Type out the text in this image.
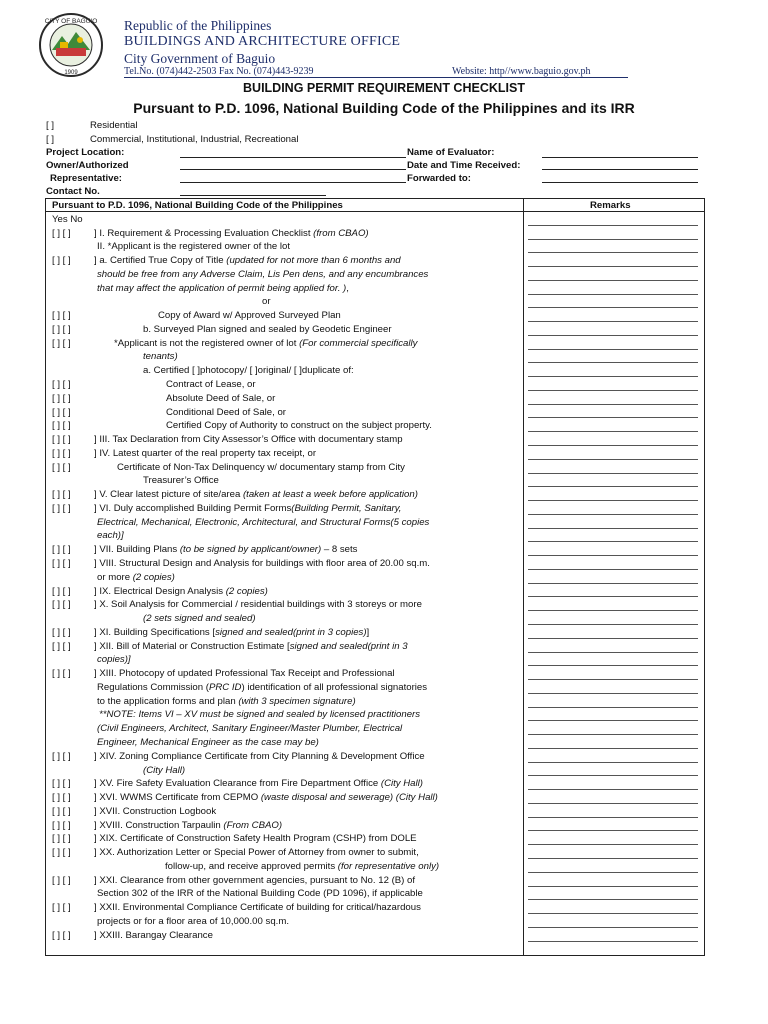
CITY OF BAGUIO
1909
Republic of the Philippines
BUILDINGS AND ARCHITECTURE OFFICE
City Government of Baguio
Tel.No. (074)442-2503 Fax No. (074)443-9239	Website: http//www.baguio.gov.ph
BUILDING PERMIT REQUIREMENT CHECKLIST
Pursuant to P.D. 1096, National Building Code of the Philippines and its IRR
[ ]	Residential
[ ]	Commercial, Institutional, Industrial, Recreational
Project Location:
Owner/Authorized
Representative:
Contact No.
Name of Evaluator:
Date and Time Received:
Forwarded to:
Pursuant to P.D. 1096, National Building Code of the Philippines	Remarks
Yes No
[ ] [ ] ] I. Requirement & Processing Evaluation Checklist (from CBAO)
II. *Applicant is the registered owner of the lot
[ ] [ ] ] a. Certified True Copy of Title (updated for not more than 6 months and
should be free from any Adverse Claim, Lis Pen dens, and any encumbrances
that may affect the application of permit being applied for. ),
or
[ ] [ ]	Copy of Award w/ Approved Surveyed Plan
[ ] [ ]	b. Surveyed Plan signed and sealed by Geodetic Engineer
[ ] [ ]	*Applicant is not the registered owner of lot (For commercial specifically
tenants)
a. Certified [ ]photocopy/ [ ]original/ [ ]duplicate of:
[ ] [ ]	Contract of Lease, or
[ ] [ ]	Absolute Deed of Sale, or
[ ] [ ]	Conditional Deed of Sale, or
[ ] [ ]	Certified Copy of Authority to construct on the subject property.
[ ] [ ] ] III. Tax Declaration from City Assessor’s Office with documentary stamp
[ ] [ ] ] IV. Latest quarter of the real property tax receipt, or
[ ] [ ]	Certificate of Non-Tax Delinquency w/ documentary stamp from City
Treasurer’s Office
[ ] [ ] ] V. Clear latest picture of site/area (taken at least a week before application)
[ ] [ ] ] VI. Duly accomplished Building Permit Forms(Building Permit, Sanitary,
Electrical, Mechanical, Electronic, Architectural, and Structural Forms(5 copies
each)]
[ ] [ ] ] VII. Building Plans (to be signed by applicant/owner) – 8 sets
[ ] [ ] ] VIII. Structural Design and Analysis for buildings with floor area of 20.00 sq.m.
or more (2 copies)
[ ] [ ] ] IX. Electrical Design Analysis (2 copies)
[ ] [ ] ] X. Soil Analysis for Commercial / residential buildings with 3 storeys or more
(2 sets signed and sealed)
[ ] [ ] ] XI. Building Specifications [signed and sealed(print in 3 copies)]
[ ] [ ] ] XII. Bill of Material or Construction Estimate [signed and sealed(print in 3
copies)]
[ ] [ ] ] XIII. Photocopy of updated Professional Tax Receipt and Professional
Regulations Commission (PRC ID) identification of all professional signatories
to the application forms and plan (with 3 specimen signature)
**NOTE: Items VI – XV must be signed and sealed by licensed practitioners
(Civil Engineers, Architect, Sanitary Engineer/Master Plumber, Electrical
Engineer, Mechanical Engineer as the case may be)
[ ] [ ] ] XIV. Zoning Compliance Certificate from City Planning & Development Office
(City Hall)
[ ] [ ] ] XV. Fire Safety Evaluation Clearance from Fire Department Office (City Hall)
[ ] [ ] ] XVI. WWMS Certificate from CEPMO (waste disposal and sewerage) (City Hall)
[ ] [ ] ] XVII. Construction Logbook
[ ] [ ] ] XVIII. Construction Tarpaulin (From CBAO)
[ ] [ ] ] XIX. Certificate of Construction Safety Health Program (CSHP) from DOLE
[ ] [ ] ] XX. Authorization Letter or Special Power of Attorney from owner to submit,
follow-up, and receive approved permits (for representative only)
[ ] [ ] ] XXI. Clearance from other government agencies, pursuant to No. 12 (B) of
Section 302 of the IRR of the National Building Code (PD 1096), if applicable
[ ] [ ] ] XXII. Environmental Compliance Certificate of building for critical/hazardous
projects or for a floor area of 10,000.00 sq.m.
[ ] [ ] ] XXIII. Barangay Clearance
